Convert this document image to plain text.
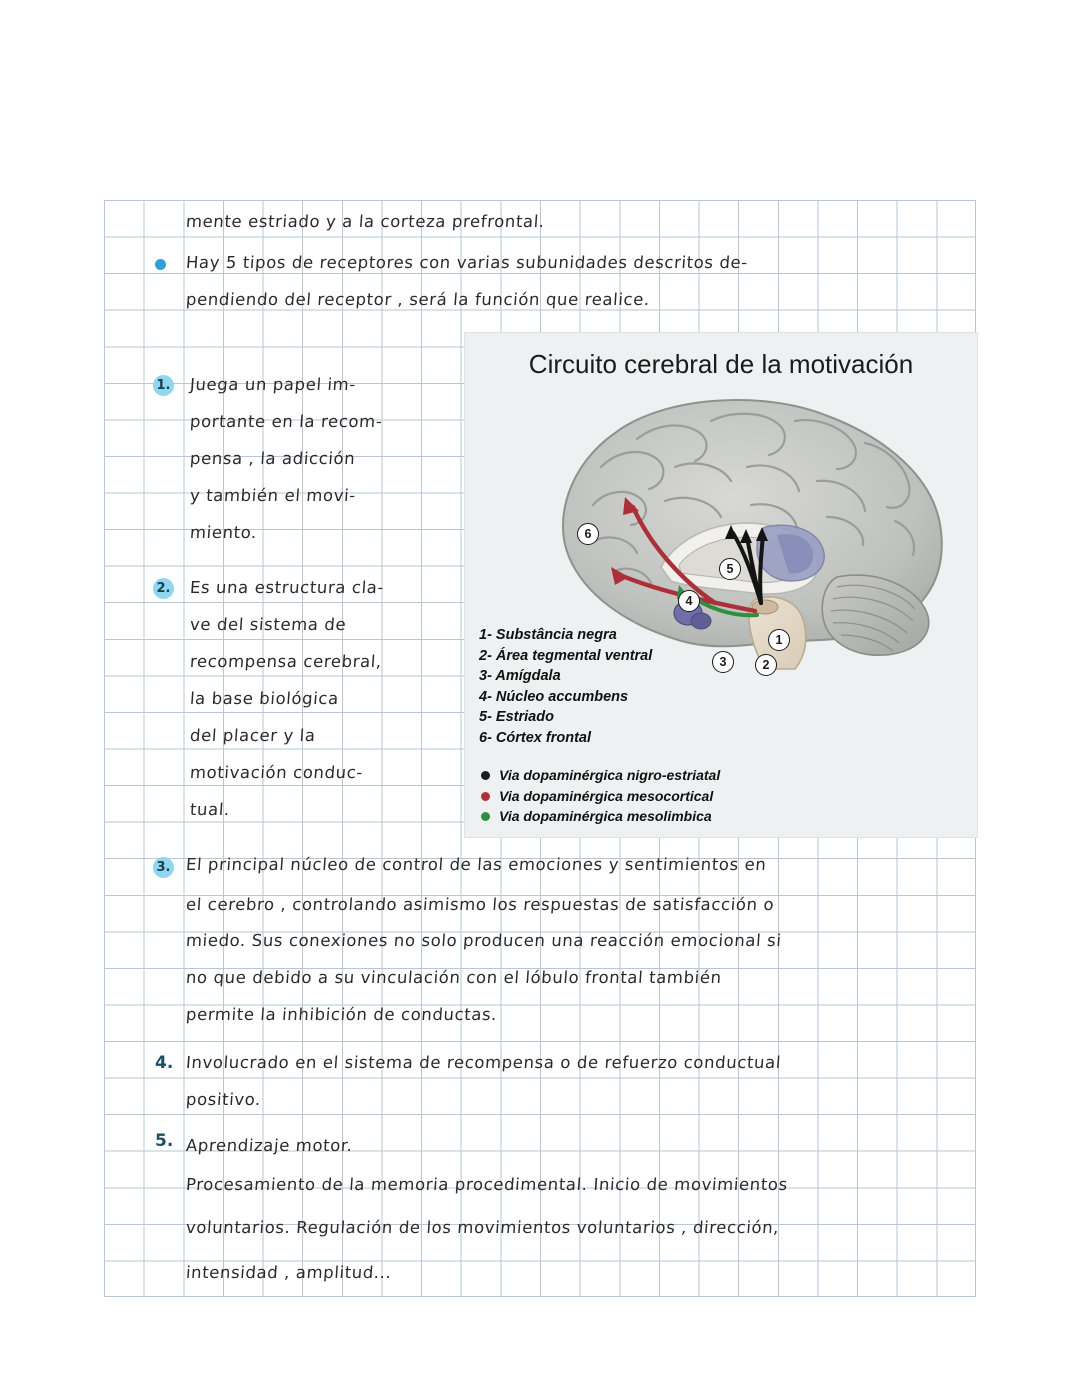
mente estriado y a la corteza prefrontal.
Hay 5 tipos de receptores con varias subunidades descritos de-
pendiendo del receptor , será la función que realice.
Juega un papel im-
portante en la recom-
pensa , la adicción
y también el movi-
miento.
Es una estructura cla-
ve del sistema de
recompensa cerebral,
la base biológica
del placer y la
motivación conduc-
tual.
El principal núcleo de control de las emociones y sentimientos en
el cerebro , controlando asimismo los respuestas de satisfacción o
miedo. Sus conexiones no solo producen una reacción emocional si
no que debido a su vinculación con el lóbulo frontal también
permite la inhibición de conductas.
Involucrado en el sistema de recompensa o de refuerzo conductual
positivo.
Aprendizaje motor.
Procesamiento de la memoria procedimental. Inicio de movimientos
voluntarios. Regulación de los movimientos voluntarios , dirección,
intensidad , amplitud...
1.
2.
3.
4.
5.
Circuito cerebral de la motivación
1
2
3
4
5
6
1- Substância negra
2- Área tegmental ventral
3- Amígdala
4- Núcleo accumbens
5- Estriado
6- Córtex frontal
Via dopaminérgica nigro-estriatal
Via dopaminérgica mesocortical
Via dopaminérgica mesolimbica
